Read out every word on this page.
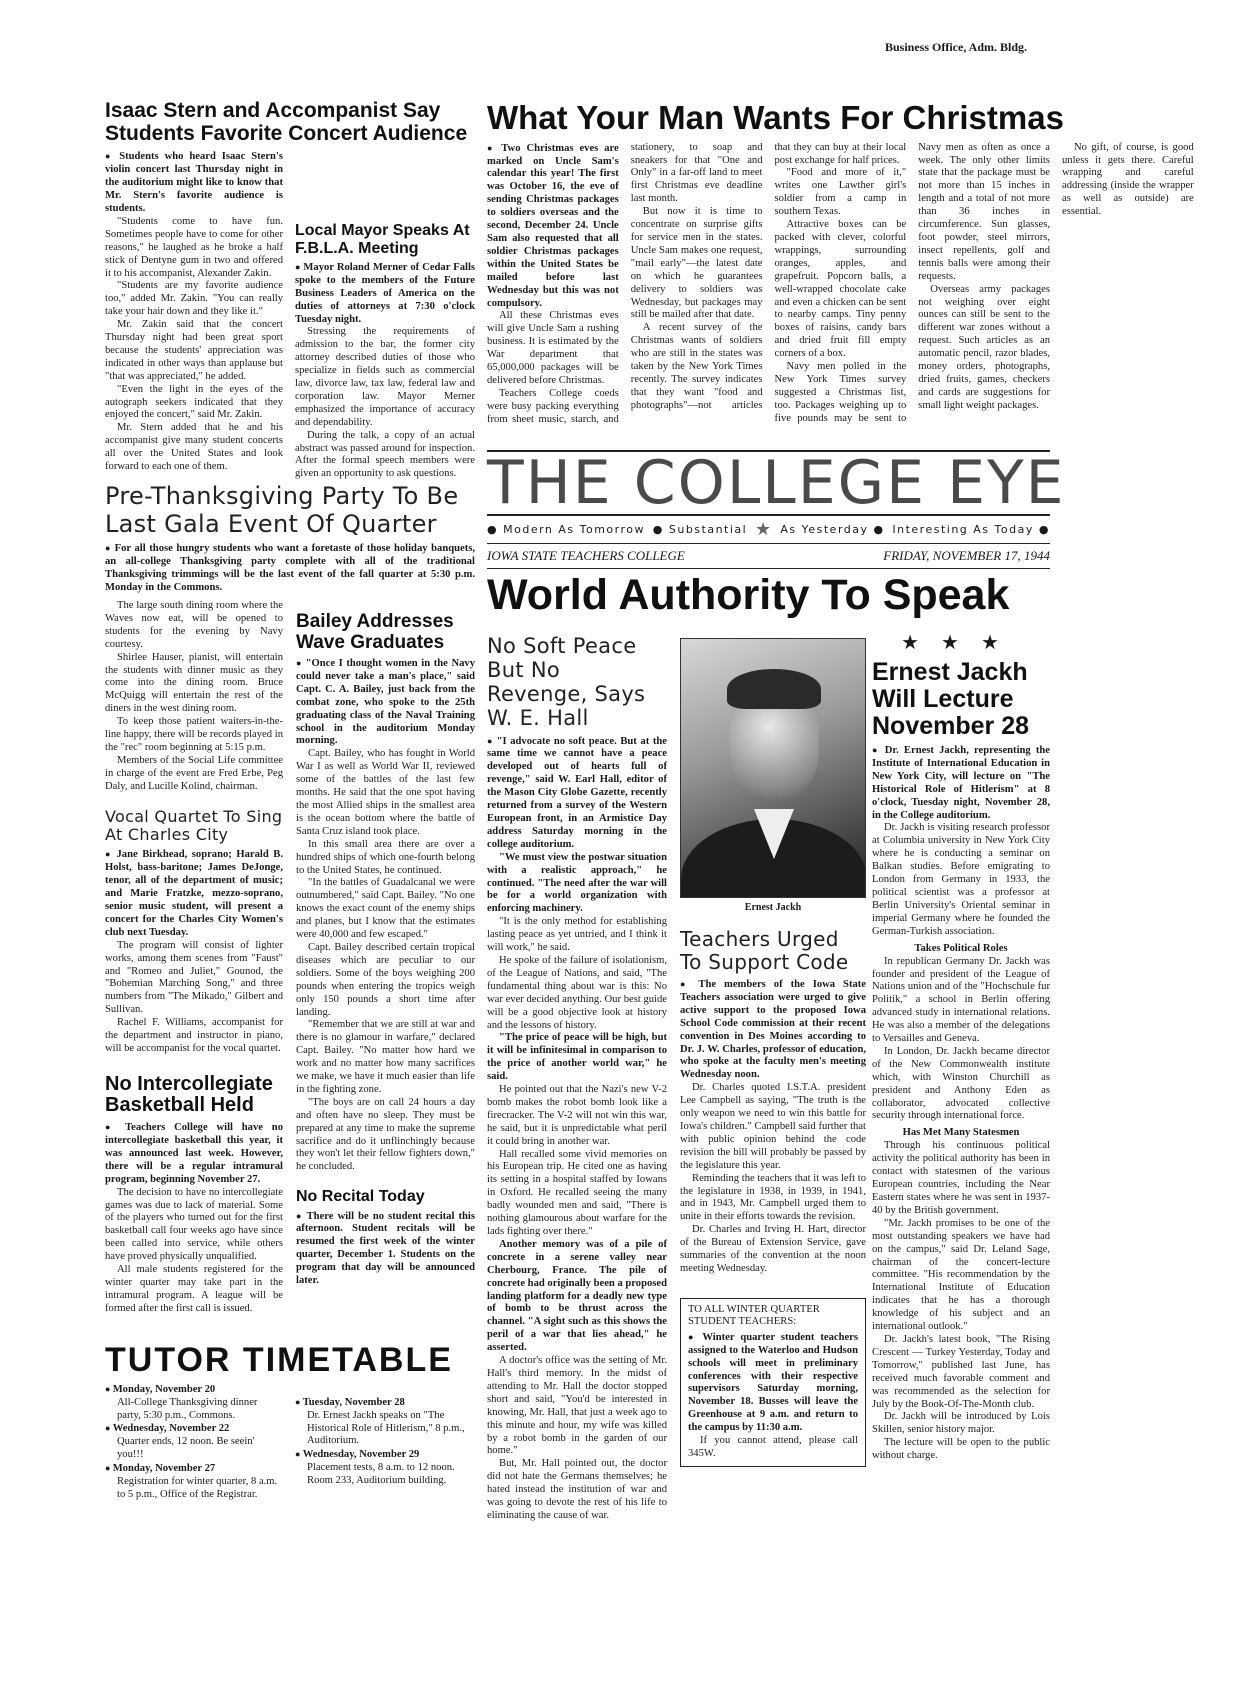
Business Office, Adm. Bldg.
Isaac Stern and Accompanist Say Students Favorite Concert Audience

● Students who heard Isaac Stern's violin concert last Thursday night in the auditorium might like to know that Mr. Stern's favorite audience is students.

"Students come to have fun. Sometimes people have to come for other reasons," he laughed as he broke a half stick of Dentyne gum in two and offered it to his accompanist, Alexander Zakin.

"Students are my favorite audience too," added Mr. Zakin. "You can really take your hair down and they like it."

Mr. Zakin said that the concert Thursday night had been great sport because the students' appreciation was indicated in other ways than applause but "that was appreciated," he added.

"Even the light in the eyes of the autograph seekers indicated that they enjoyed the concert," said Mr. Zakin.

Mr. Stern added that he and his accompanist give many student concerts all over the United States and look forward to each one of them.

Local Mayor Speaks At F.B.L.A. Meeting

● Mayor Roland Merner of Cedar Falls spoke to the members of the Future Business Leaders of America on the duties of attorneys at 7:30 o'clock Tuesday night.

Stressing the requirements of admission to the bar, the former city attorney described duties of those who specialize in fields such as commercial law, divorce law, tax law, federal law and corporation law. Mayor Merner emphasized the importance of accuracy and dependability.

During the talk, a copy of an actual abstract was passed around for inspection. After the formal speech members were given an opportunity to ask questions.

What Your Man Wants For Christmas

● Two Christmas eves are marked on Uncle Sam's calendar this year! The first was October 16, the eve of sending Christmas packages to soldiers overseas and the second, December 24. Uncle Sam also requested that all soldier Christmas packages within the United States be mailed before last Wednesday but this was not compulsory.

All these Christmas eves will give Uncle Sam a rushing business. It is estimated by the War department that 65,000,000 packages will be delivered before Christmas.

Teachers College coeds were busy packing everything from sheet music, starch, and stationery, to soap and sneakers for that "One and Only" in a far-off land to meet first Christmas eve deadline last month.

But now it is time to concentrate on surprise gifts for service men in the states. Uncle Sam makes one request, "mail early"—the latest date on which he guarantees delivery to soldiers was Wednesday, but packages may still be mailed after that date.

A recent survey of the Christmas wants of soldiers who are still in the states was taken by the New York Times recently. The survey indicates that they want "food and photographs"—not articles that they can buy at their local post exchange for half prices.

"Food and more of it," writes one Lawther girl's soldier from a camp in southern Texas.

Attractive boxes can be packed with clever, colorful wrappings, surrounding oranges, apples, and grapefruit. Popcorn balls, a well-wrapped chocolate cake and even a chicken can be sent to nearby camps. Tiny penny boxes of raisins, candy bars and dried fruit fill empty corners of a box.

Navy men polled in the New York Times survey suggested a Christmas list, too. Packages weighing up to five pounds may be sent to Navy men as often as once a week. The only other limits state that the package must be not more than 15 inches in length and a total of not more than 36 inches in circumference. Sun glasses, foot powder, steel mirrors, insect repellents, golf and tennis balls were among their requests.

Overseas army packages not weighing over eight ounces can still be sent to the different war zones without a request. Such articles as an automatic pencil, razor blades, money orders, photographs, dried fruits, games, checkers and cards are suggestions for small light weight packages.

No gift, of course, is good unless it gets there. Careful wrapping and careful addressing (inside the wrapper as well as outside) are essential.

THE COLLEGE EYE
● Modern As Tomorrow ● Substantial ★ As Yesterday ● Interesting As Today ●
IOWA STATE TEACHERS COLLEGE	FRIDAY, NOVEMBER 17, 1944
Pre-Thanksgiving Party To Be Last Gala Event Of Quarter

● For all those hungry students who want a foretaste of those holiday banquets, an all-college Thanksgiving party complete with all of the traditional Thanksgiving trimmings will be the last event of the fall quarter at 5:30 p.m. Monday in the Commons.

The large south dining room where the Waves now eat, will be opened to students for the evening by Navy courtesy.

Shirlee Hauser, pianist, will entertain the students with dinner music as they come into the dining room. Bruce McQuigg will entertain the rest of the diners in the west dining room.

To keep those patient waiters-in-the-line happy, there will be records played in the "rec" room beginning at 5:15 p.m.

Members of the Social Life committee in charge of the event are Fred Erbe, Peg Daly, and Lucille Kolind, chairman.

Vocal Quartet To Sing At Charles City

● Jane Birkhead, soprano; Harald B. Holst, bass-baritone; James DeJonge, tenor, all of the department of music; and Marie Fratzke, mezzo-soprano, senior music student, will present a concert for the Charles City Women's club next Tuesday.

The program will consist of lighter works, among them scenes from "Faust" and "Romeo and Juliet," Gounod, the "Bohemian Marching Song," and three numbers from "The Mikado," Gilbert and Sullivan.

Rachel F. Williams, accompanist for the department and instructor in piano, will be accompanist for the vocal quartet.

No Intercollegiate Basketball Held

● Teachers College will have no intercollegiate basketball this year, it was announced last week. However, there will be a regular intramural program, beginning November 27.

The decision to have no intercollegiate games was due to lack of material. Some of the players who turned out for the first basketball call four weeks ago have since been called into service, while others have proved physically unqualified.

All male students registered for the winter quarter may take part in the intramural program. A league will be formed after the first call is issued.

Bailey Addresses Wave Graduates

● "Once I thought women in the Navy could never take a man's place," said Capt. C. A. Bailey, just back from the combat zone, who spoke to the 25th graduating class of the Naval Training school in the auditorium Monday morning.

Capt. Bailey, who has fought in World War I as well as World War II, reviewed some of the battles of the last few months. He said that the one spot having the most Allied ships in the smallest area is the ocean bottom where the battle of Santa Cruz island took place.

In this small area there are over a hundred ships of which one-fourth belong to the United States, he continued.

"In the battles of Guadalcanal we were outnumbered," said Capt. Bailey. "No one knows the exact count of the enemy ships and planes, but I know that the estimates were 40,000 and few escaped."

Capt. Bailey described certain tropical diseases which are peculiar to our soldiers. Some of the boys weighing 200 pounds when entering the tropics weigh only 150 pounds a short time after landing.

"Remember that we are still at war and there is no glamour in warfare," declared Capt. Bailey. "No matter how hard we work and no matter how many sacrifices we make, we have it much easier than life in the fighting zone.

"The boys are on call 24 hours a day and often have no sleep. They must be prepared at any time to make the supreme sacrifice and do it unflinchingly because they won't let their fellow fighters down," he concluded.

No Recital Today

● There will be no student recital this afternoon. Student recitals will be resumed the first week of the winter quarter, December 1. Students on the program that day will be announced later.

TUTOR TIMETABLE
● Monday, November 20
All-College Thanksgiving dinner party, 5:30 p.m., Commons.
● Wednesday, November 22
Quarter ends, 12 noon. Be seein' you!!!
● Monday, November 27
Registration for winter quarter, 8 a.m. to 5 p.m., Office of the Registrar.
● Tuesday, November 28
Dr. Ernest Jackh speaks on "The Historical Role of Hitlerism," 8 p.m., Auditorium.
● Wednesday, November 29
Placement tests, 8 a.m. to 12 noon. Room 233, Auditorium building.
World Authority To Speak
No Soft Peace But No Revenge, Says W. E. Hall

● "I advocate no soft peace. But at the same time we cannot have a peace developed out of hearts full of revenge," said W. Earl Hall, editor of the Mason City Globe Gazette, recently returned from a survey of the Western European front, in an Armistice Day address Saturday morning in the college auditorium.

"We must view the postwar situation with a realistic approach," he continued. "The need after the war will be for a world organization with enforcing machinery.

"It is the only method for establishing lasting peace as yet untried, and I think it will work," he said.

He spoke of the failure of isolationism, of the League of Nations, and said, "The fundamental thing about war is this: No war ever decided anything. Our best guide will be a good objective look at history and the lessons of history.

"The price of peace will be high, but it will be infinitesimal in comparison to the price of another world war," he said.

He pointed out that the Nazi's new V-2 bomb makes the robot bomb look like a firecracker. The V-2 will not win this war, he said, but it is unpredictable what peril it could bring in another war.

Hall recalled some vivid memories on his European trip. He cited one as having its setting in a hospital staffed by Iowans in Oxford. He recalled seeing the many badly wounded men and said, "There is nothing glamourous about warfare for the lads fighting over there."

Another memory was of a pile of concrete in a serene valley near Cherbourg, France. The pile of concrete had originally been a proposed landing platform for a deadly new type of bomb to be thrust across the channel. "A sight such as this shows the peril of a war that lies ahead," he asserted.

A doctor's office was the setting of Mr. Hall's third memory. In the midst of attending to Mr. Hall the doctor stopped short and said, "You'd be interested in knowing, Mr. Hall, that just a week ago to this minute and hour, my wife was killed by a robot bomb in the garden of our home."

But, Mr. Hall pointed out, the doctor did not hate the Germans themselves; he hated instead the institution of war and was going to devote the rest of his life to eliminating the cause of war.

Ernest Jackh
Teachers Urged To Support Code

● The members of the Iowa State Teachers association were urged to give active support to the proposed Iowa School Code commission at their recent convention in Des Moines according to Dr. J. W. Charles, professor of education, who spoke at the faculty men's meeting Wednesday noon.

Dr. Charles quoted I.S.T.A. president Lee Campbell as saying, "The truth is the only weapon we need to win this battle for Iowa's children." Campbell said further that with public opinion behind the code revision the bill will probably be passed by the legislature this year.

Reminding the teachers that it was left to the legislature in 1938, in 1939, in 1941, and in 1943, Mr. Campbell urged them to unite in their efforts towards the revision.

Dr. Charles and Irving H. Hart, director of the Bureau of Extension Service, gave summaries of the convention at the noon meeting Wednesday.

TO ALL WINTER QUARTER STUDENT TEACHERS:

● Winter quarter student teachers assigned to the Waterloo and Hudson schools will meet in preliminary conferences with their respective supervisors Saturday morning, November 18. Busses will leave the Greenhouse at 9 a.m. and return to the campus by 11:30 a.m.

If you cannot attend, please call 345W.

★★★
Ernest Jackh Will Lecture November 28

● Dr. Ernest Jackh, representing the Institute of International Education in New York City, will lecture on "The Historical Role of Hitlerism" at 8 o'clock, Tuesday night, November 28, in the College auditorium.

Dr. Jackh is visiting research professor at Columbia university in New York City where he is conducting a seminar on Balkan studies. Before emigrating to London from Germany in 1933, the political scientist was a professor at Berlin University's Oriental seminar in imperial Germany where he founded the German-Turkish association.

Takes Political Roles

In republican Germany Dr. Jackh was founder and president of the League of Nations union and of the "Hochschule fur Politik," a school in Berlin offering advanced study in international relations. He was also a member of the delegations to Versailles and Geneva.

In London, Dr. Jackh became director of the New Commonwealth institute which, with Winston Churchill as president and Anthony Eden as collaborator, advocated collective security through international force.

Has Met Many Statesmen

Through his continuous political activity the political authority has been in contact with statesmen of the various European countries, including the Near Eastern states where he was sent in 1937-40 by the British government.

"Mr. Jackh promises to be one of the most outstanding speakers we have had on the campus," said Dr. Leland Sage, chairman of the concert-lecture committee. "His recommendation by the International Institute of Education indicates that he has a thorough knowledge of his subject and an international outlook."

Dr. Jackh's latest book, "The Rising Crescent — Turkey Yesterday, Today and Tomorrow," published last June, has received much favorable comment and was recommended as the selection for July by the Book-Of-The-Month club.

Dr. Jackh will be introduced by Lois Skillen, senior history major.

The lecture will be open to the public without charge.
